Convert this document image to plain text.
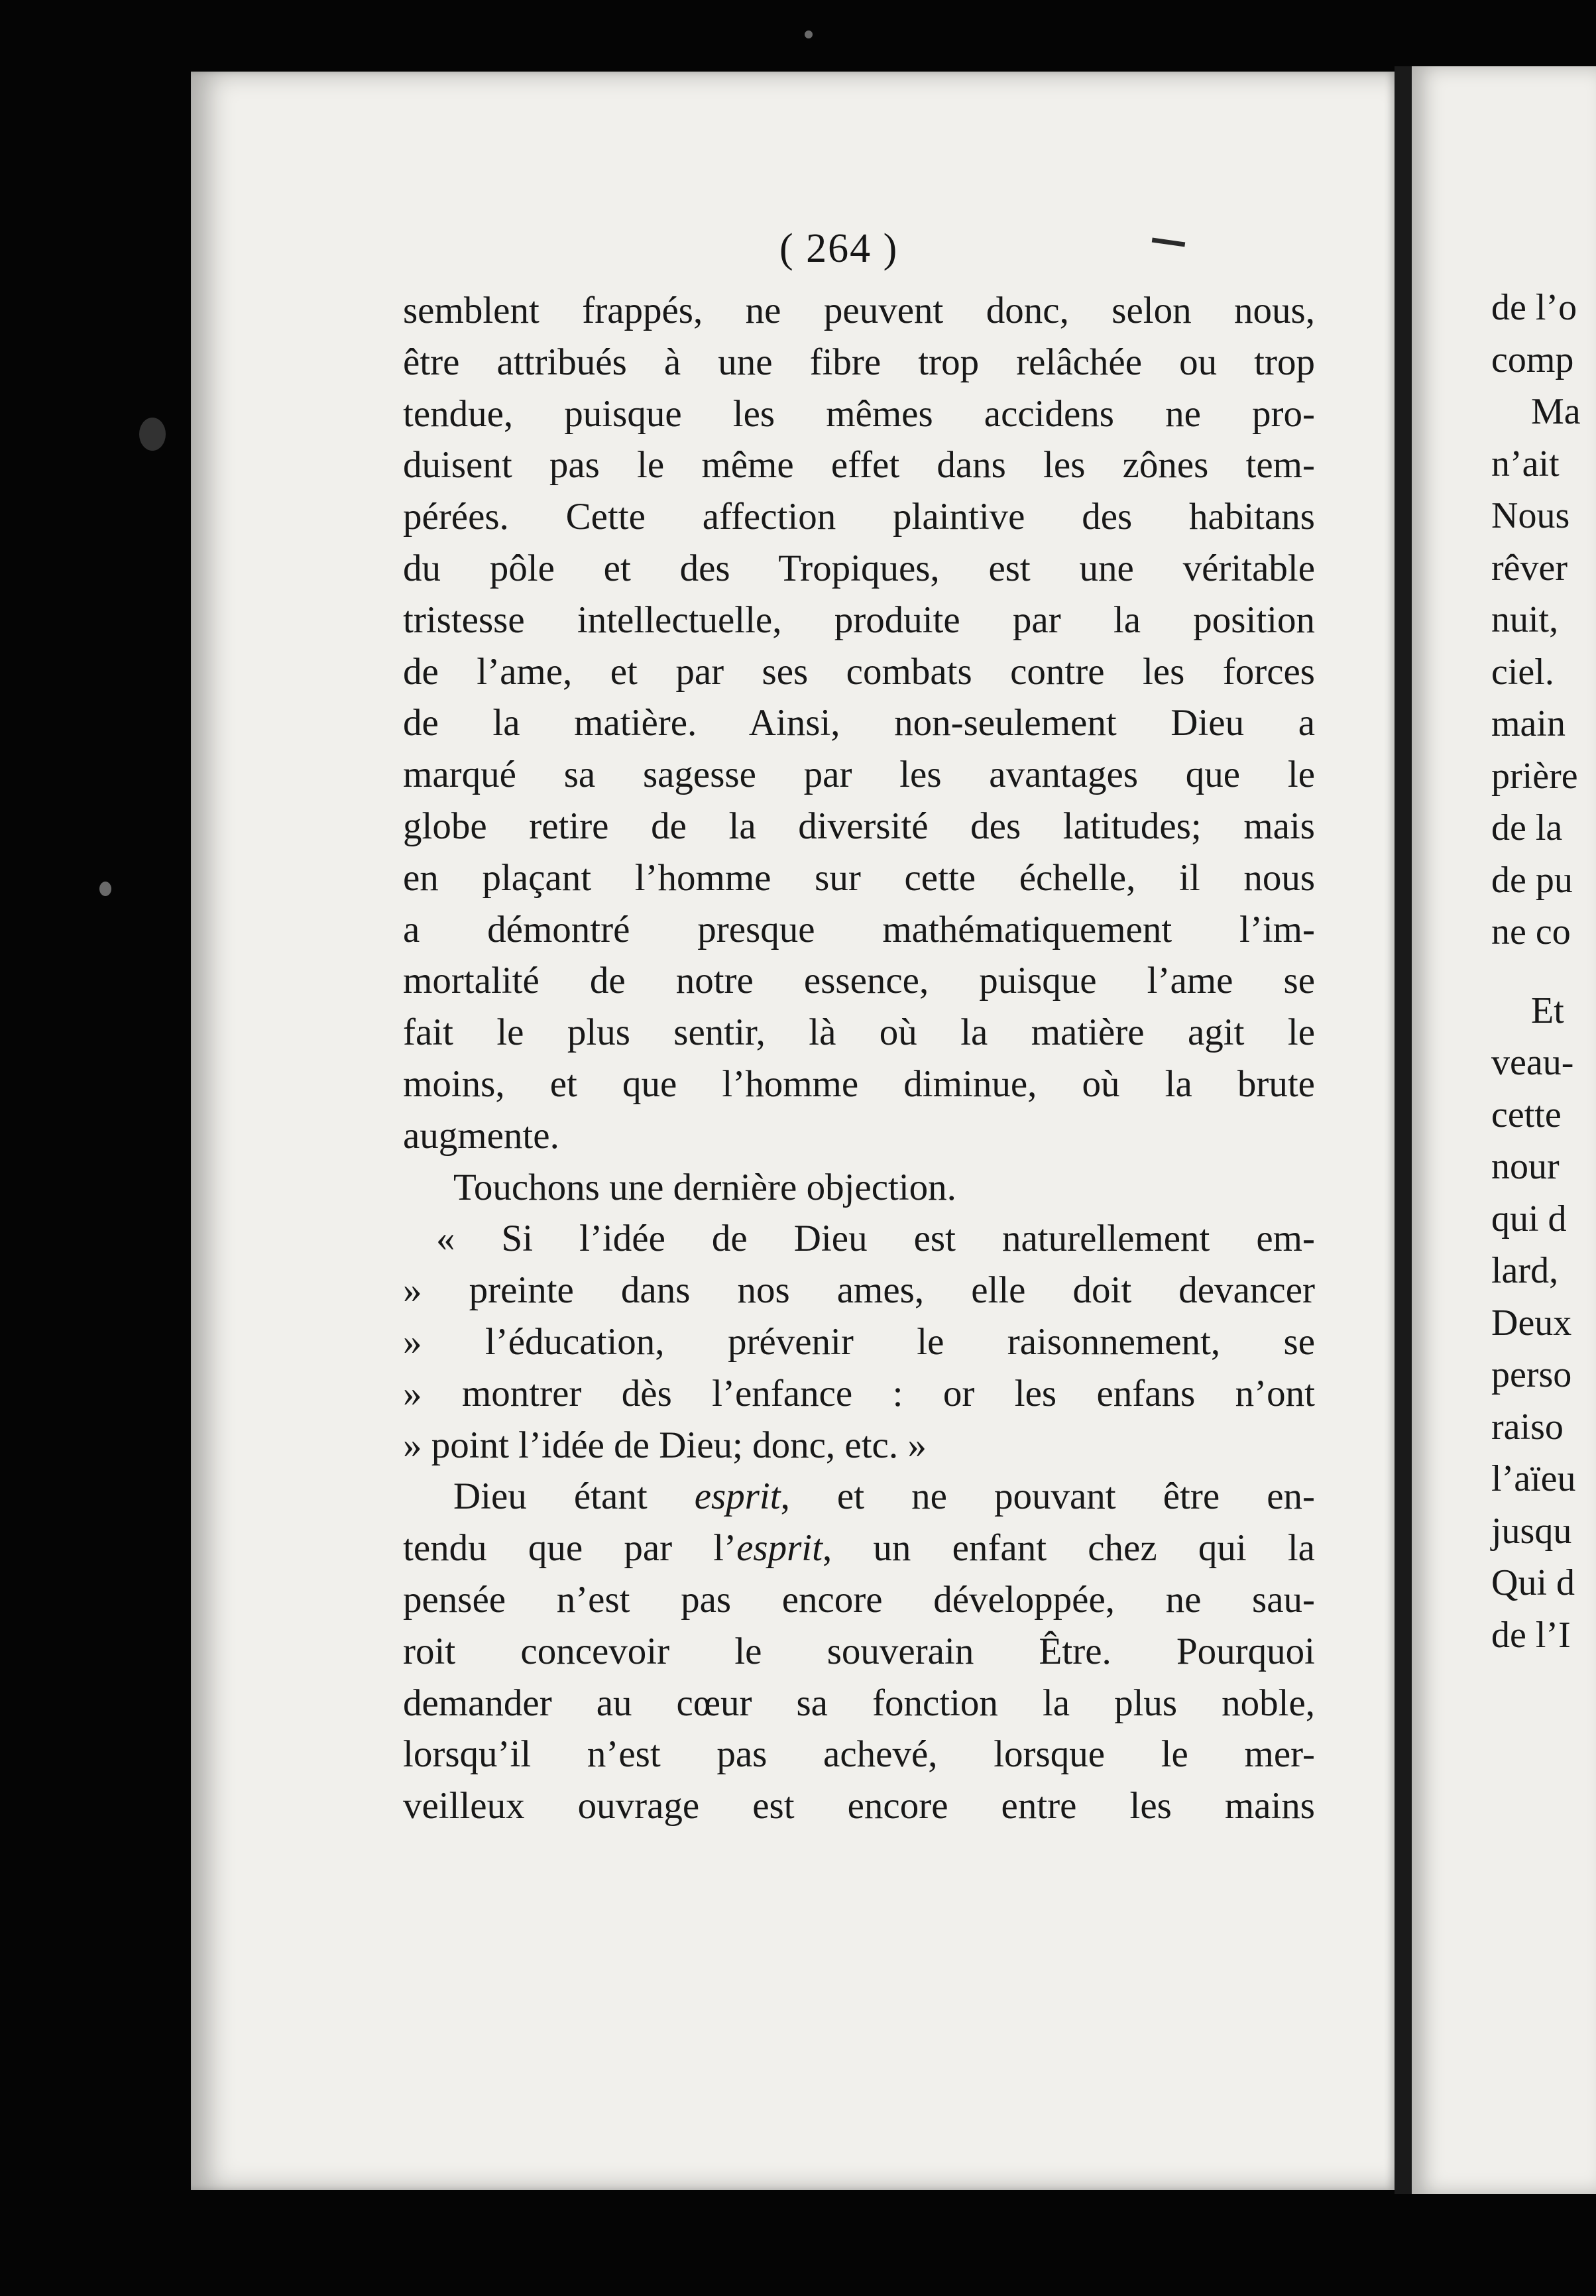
( 264 )
semblent frappés, ne peuvent donc, selon nous,
être attribués à une fibre trop relâchée ou trop
tendue, puisque les mêmes accidens ne pro-
duisent pas le même effet dans les zônes tem-
pérées. Cette affection plaintive des habitans
du pôle et des Tropiques, est une véritable
tristesse intellectuelle, produite par la position
de l’ame, et par ses combats contre les forces
de la matière. Ainsi, non-seulement Dieu a
marqué sa sagesse par les avantages que le
globe retire de la diversité des latitudes; mais
en plaçant l’homme sur cette échelle, il nous
a démontré presque mathématiquement l’im-
mortalité de notre essence, puisque l’ame se
fait le plus sentir, là où la matière agit le
moins, et que l’homme diminue, où la brute
augmente.
Touchons une dernière objection.
« Si l’idée de Dieu est naturellement em-
» preinte dans nos ames, elle doit devancer
» l’éducation, prévenir le raisonnement, se
» montrer dès l’enfance : or les enfans n’ont
» point l’idée de Dieu; donc, etc. »
Dieu étant esprit, et ne pouvant être en-
tendu que par l’esprit, un enfant chez qui la
pensée n’est pas encore développée, ne sau-
roit concevoir le souverain Être. Pourquoi
demander au cœur sa fonction la plus noble,
lorsqu’il n’est pas achevé, lorsque le mer-
veilleux ouvrage est encore entre les mains
de l’o
comp
Ma
n’ait
Nous
rêver
nuit,
ciel.
main
prière
de la
de pu
ne co
Et
veau-
cette
nour
qui d
lard,
Deux
perso
raiso
l’aïeu
jusqu
Qui d
de l’I
